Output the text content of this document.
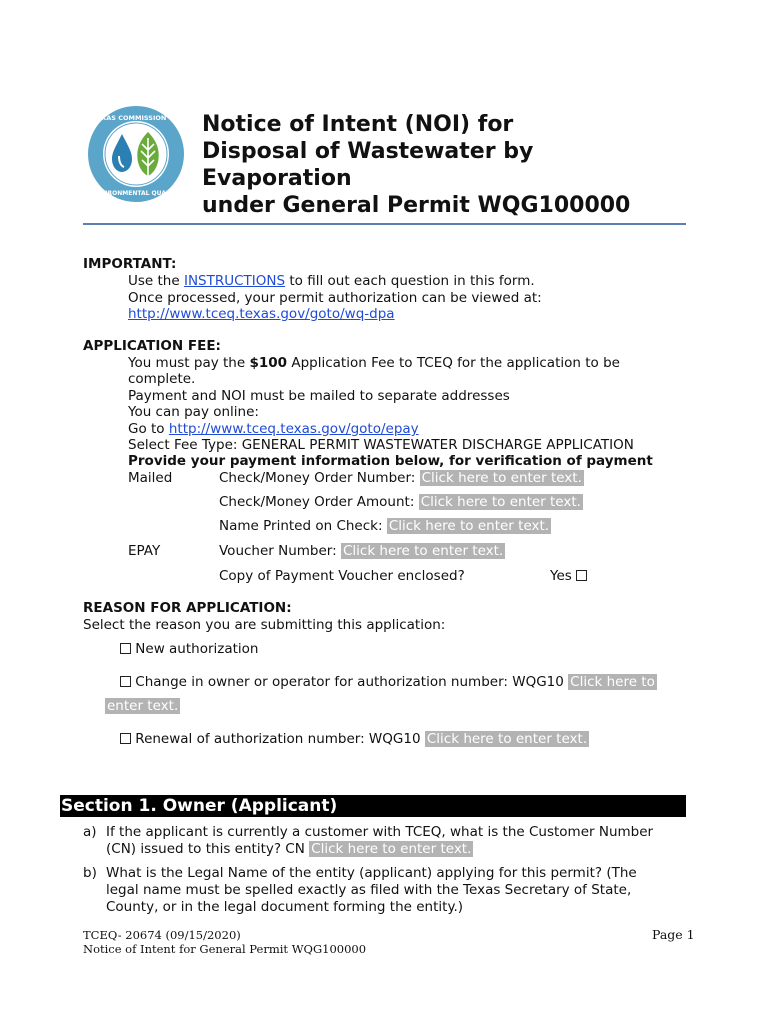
TEXAS COMMISSION ON
ENVIRONMENTAL QUALITY
Notice of Intent (NOI) for
Disposal of Wastewater by
Evaporation
under General Permit WQG100000
IMPORTANT:
Use the INSTRUCTIONS to fill out each question in this form.
Once processed, your permit authorization can be viewed at:
http://www.tceq.texas.gov/goto/wq-dpa
APPLICATION FEE:
You must pay the $100 Application Fee to TCEQ for the application to be
complete.
Payment and NOI must be mailed to separate addresses
You can pay online:
Go to http://www.tceq.texas.gov/goto/epay
Select Fee Type: GENERAL PERMIT WASTEWATER DISCHARGE APPLICATION
Provide your payment information below, for verification of payment
Mailed	Check/Money Order Number: Click here to enter text.
Check/Money Order Amount: Click here to enter text.
Name Printed on Check: Click here to enter text.
EPAY	Voucher Number: Click here to enter text.
Copy of Payment Voucher enclosed?	Yes
REASON FOR APPLICATION:
Select the reason you are submitting this application:
New authorization
Change in owner or operator for authorization number: WQG10 Click here to
enter text.
Renewal of authorization number: WQG10 Click here to enter text.
Section 1. Owner (Applicant)
a) If the applicant is currently a customer with TCEQ, what is the Customer Number
(CN) issued to this entity? CN Click here to enter text.
b) What is the Legal Name of the entity (applicant) applying for this permit? (The
legal name must be spelled exactly as filed with the Texas Secretary of State,
County, or in the legal document forming the entity.)
TCEQ- 20674 (09/15/2020)
Notice of Intent for General Permit WQG100000
Page 1
